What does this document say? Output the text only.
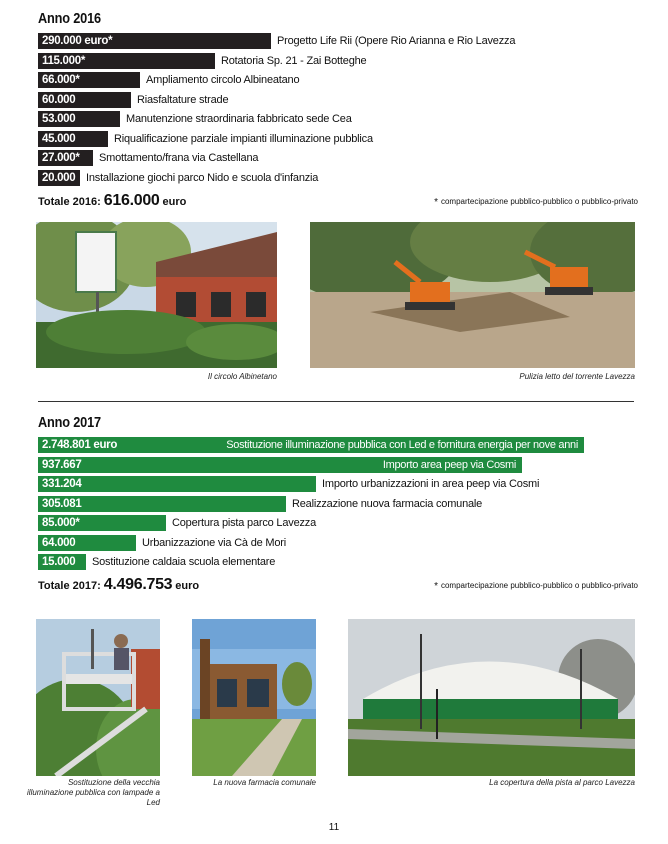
Anno 2016
290.000 euro*	Progetto Life Rii (Opere Rio Arianna e Rio Lavezza
115.000*	Rotatoria Sp. 21 - Zai Botteghe
66.000*	Ampliamento circolo Albineatano
60.000	Riasfaltature strade
53.000	Manutenzione straordinaria fabbricato sede Cea
45.000	Riqualificazione parziale impianti illuminazione pubblica
27.000* Smottamento/frana via Castellana
20.000 Installazione giochi parco Nido e scuola d'infanzia
Totale 2016: 616.000 euro	* compartecipazione pubblico-pubblico o pubblico-privato
Il circolo Albinetano	Pulizia letto del torrente Lavezza
Anno 2017
2.748.801 euro	Sostituzione illuminazione pubblica con Led e fornitura energia per nove anni
937.667	Importo area peep via Cosmi
331.204	Importo urbanizzazioni in area peep via Cosmi
305.081	Realizzazione nuova farmacia comunale
85.000*	Copertura pista parco Lavezza
64.000	Urbanizzazione via Cà de Mori
15.000 Sostituzione caldaia scuola elementare
Totale 2017: 4.496.753 euro	* compartecipazione pubblico-pubblico o pubblico-privato
Sostituzione della vecchia
illuminazione pubblica con lampade a Led
La nuova farmacia comunale	La copertura della pista al parco Lavezza
11
